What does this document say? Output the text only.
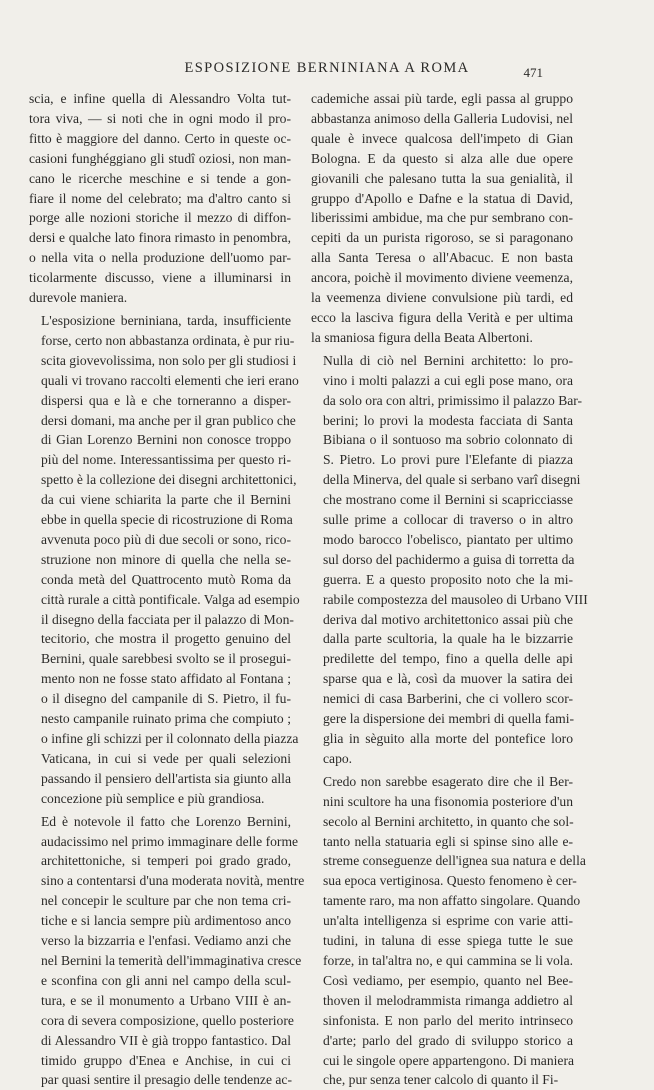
ESPOSIZIONE BERNINIANA A ROMA	471

scia, e infine quella di Alessandro Volta tut-
tora viva, — si noti che in ogni modo il pro-
fitto è maggiore del danno. Certo in queste oc-
casioni funghéggiano gli studî oziosi, non man-
cano le ricerche meschine e si tende a gon-
fiare il nome del celebrato; ma d'altro canto si
porge alle nozioni storiche il mezzo di diffon-
dersi e qualche lato finora rimasto in penombra,
o nella vita o nella produzione dell'uomo par-
ticolarmente discusso, viene a illuminarsi in
durevole maniera.

L'esposizione berniniana, tarda, insufficiente
forse, certo non abbastanza ordinata, è pur riu-
scita giovevolissima, non solo per gli studiosi i
quali vi trovano raccolti elementi che ieri erano
dispersi qua e là e che torneranno a disper-
dersi domani, ma anche per il gran publico che
di Gian Lorenzo Bernini non conosce troppo
più del nome. Interessantissima per questo ri-
spetto è la collezione dei disegni architettonici,
da cui viene schiarita la parte che il Bernini
ebbe in quella specie di ricostruzione di Roma
avvenuta poco più di due secoli or sono, rico-
struzione non minore di quella che nella se-
conda metà del Quattrocento mutò Roma da
città rurale a città pontificale. Valga ad esempio
il disegno della facciata per il palazzo di Mon-
tecitorio, che mostra il progetto genuino del
Bernini, quale sarebbesi svolto se il prosegui-
mento non ne fosse stato affidato al Fontana ;
o il disegno del campanile di S. Pietro, il fu-
nesto campanile ruinato prima che compiuto ;
o infine gli schizzi per il colonnato della piazza
Vaticana, in cui si vede per quali selezioni
passando il pensiero dell'artista sia giunto alla
concezione più semplice e più grandiosa.

Ed è notevole il fatto che Lorenzo Bernini,
audacissimo nel primo immaginare delle forme
architettoniche, si temperi poi grado grado,
sino a contentarsi d'una moderata novità, mentre
nel concepir le sculture par che non tema cri-
tiche e si lancia sempre più ardimentoso anco
verso la bizzarria e l'enfasi. Vediamo anzi che
nel Bernini la temerità dell'immaginativa cresce
e sconfina con gli anni nel campo della scul-
tura, e se il monumento a Urbano VIII è an-
cora di severa composizione, quello posteriore
di Alessandro VII è già troppo fantastico. Dal
timido gruppo d'Enea e Anchise, in cui ci
par quasi sentire il presagio delle tendenze ac-

cademiche assai più tarde, egli passa al gruppo
abbastanza animoso della Galleria Ludovisi, nel
quale è invece qualcosa dell'impeto di Gian
Bologna. E da questo si alza alle due opere
giovanili che palesano tutta la sua genialità, il
gruppo d'Apollo e Dafne e la statua di David,
liberissimi ambidue, ma che pur sembrano con-
cepiti da un purista rigoroso, se si paragonano
alla Santa Teresa o all'Abacuc. E non basta
ancora, poichè il movimento diviene veemenza,
la veemenza diviene convulsione più tardi, ed
ecco la lasciva figura della Verità e per ultima
la smaniosa figura della Beata Albertoni.

Nulla di ciò nel Bernini architetto: lo pro-
vino i molti palazzi a cui egli pose mano, ora
da solo ora con altri, primissimo il palazzo Bar-
berini; lo provi la modesta facciata di Santa
Bibiana o il sontuoso ma sobrio colonnato di
S. Pietro. Lo provi pure l'Elefante di piazza
della Minerva, del quale si serbano varî disegni
che mostrano come il Bernini si scapricciasse
sulle prime a collocar di traverso o in altro
modo barocco l'obelisco, piantato per ultimo
sul dorso del pachidermo a guisa di torretta da
guerra. E a questo proposito noto che la mi-
rabile compostezza del mausoleo di Urbano VIII
deriva dal motivo architettonico assai più che
dalla parte scultoria, la quale ha le bizzarrie
predilette del tempo, fino a quella delle api
sparse qua e là, così da muover la satira dei
nemici di casa Barberini, che ci vollero scor-
gere la dispersione dei membri di quella fami-
glia in sèguito alla morte del pontefice loro
capo.

Credo non sarebbe esagerato dire che il Ber-
nini scultore ha una fisonomia posteriore d'un
secolo al Bernini architetto, in quanto che sol-
tanto nella statuaria egli si spinse sino alle e-
streme conseguenze dell'ignea sua natura e della
sua epoca vertiginosa. Questo fenomeno è cer-
tamente raro, ma non affatto singolare. Quando
un'alta intelligenza si esprime con varie atti-
tudini, in taluna di esse spiega tutte le sue
forze, in tal'altra no, e qui cammina se li vola.
Così vediamo, per esempio, quanto nel Bee-
thoven il melodrammista rimanga addietro al
sinfonista. E non parlo del merito intrinseco
d'arte; parlo del grado di sviluppo storico a
cui le singole opere appartengono. Di maniera
che, pur senza tener calcolo di quanto il Fi-
